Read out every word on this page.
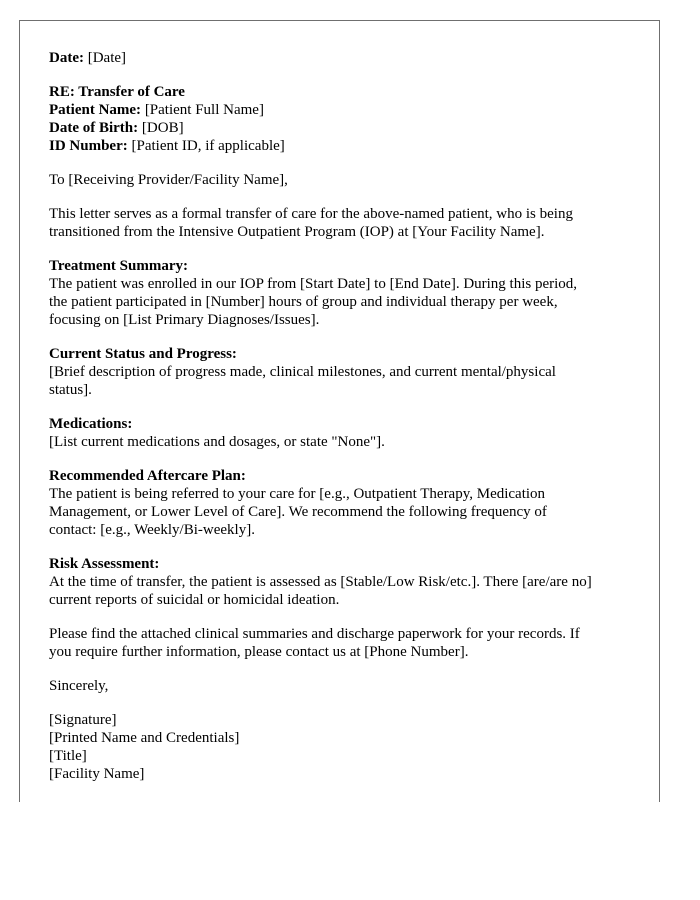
Date: [Date]
RE: Transfer of Care
Patient Name: [Patient Full Name]
Date of Birth: [DOB]
ID Number: [Patient ID, if applicable]
To [Receiving Provider/Facility Name],
This letter serves as a formal transfer of care for the above-named patient, who is being
transitioned from the Intensive Outpatient Program (IOP) at [Your Facility Name].
Treatment Summary:
The patient was enrolled in our IOP from [Start Date] to [End Date]. During this period,
the patient participated in [Number] hours of group and individual therapy per week,
focusing on [List Primary Diagnoses/Issues].
Current Status and Progress:
[Brief description of progress made, clinical milestones, and current mental/physical
status].
Medications:
[List current medications and dosages, or state "None"].
Recommended Aftercare Plan:
The patient is being referred to your care for [e.g., Outpatient Therapy, Medication
Management, or Lower Level of Care]. We recommend the following frequency of
contact: [e.g., Weekly/Bi-weekly].
Risk Assessment:
At the time of transfer, the patient is assessed as [Stable/Low Risk/etc.]. There [are/are no]
current reports of suicidal or homicidal ideation.
Please find the attached clinical summaries and discharge paperwork for your records. If
you require further information, please contact us at [Phone Number].
Sincerely,
[Signature]
[Printed Name and Credentials]
[Title]
[Facility Name]
